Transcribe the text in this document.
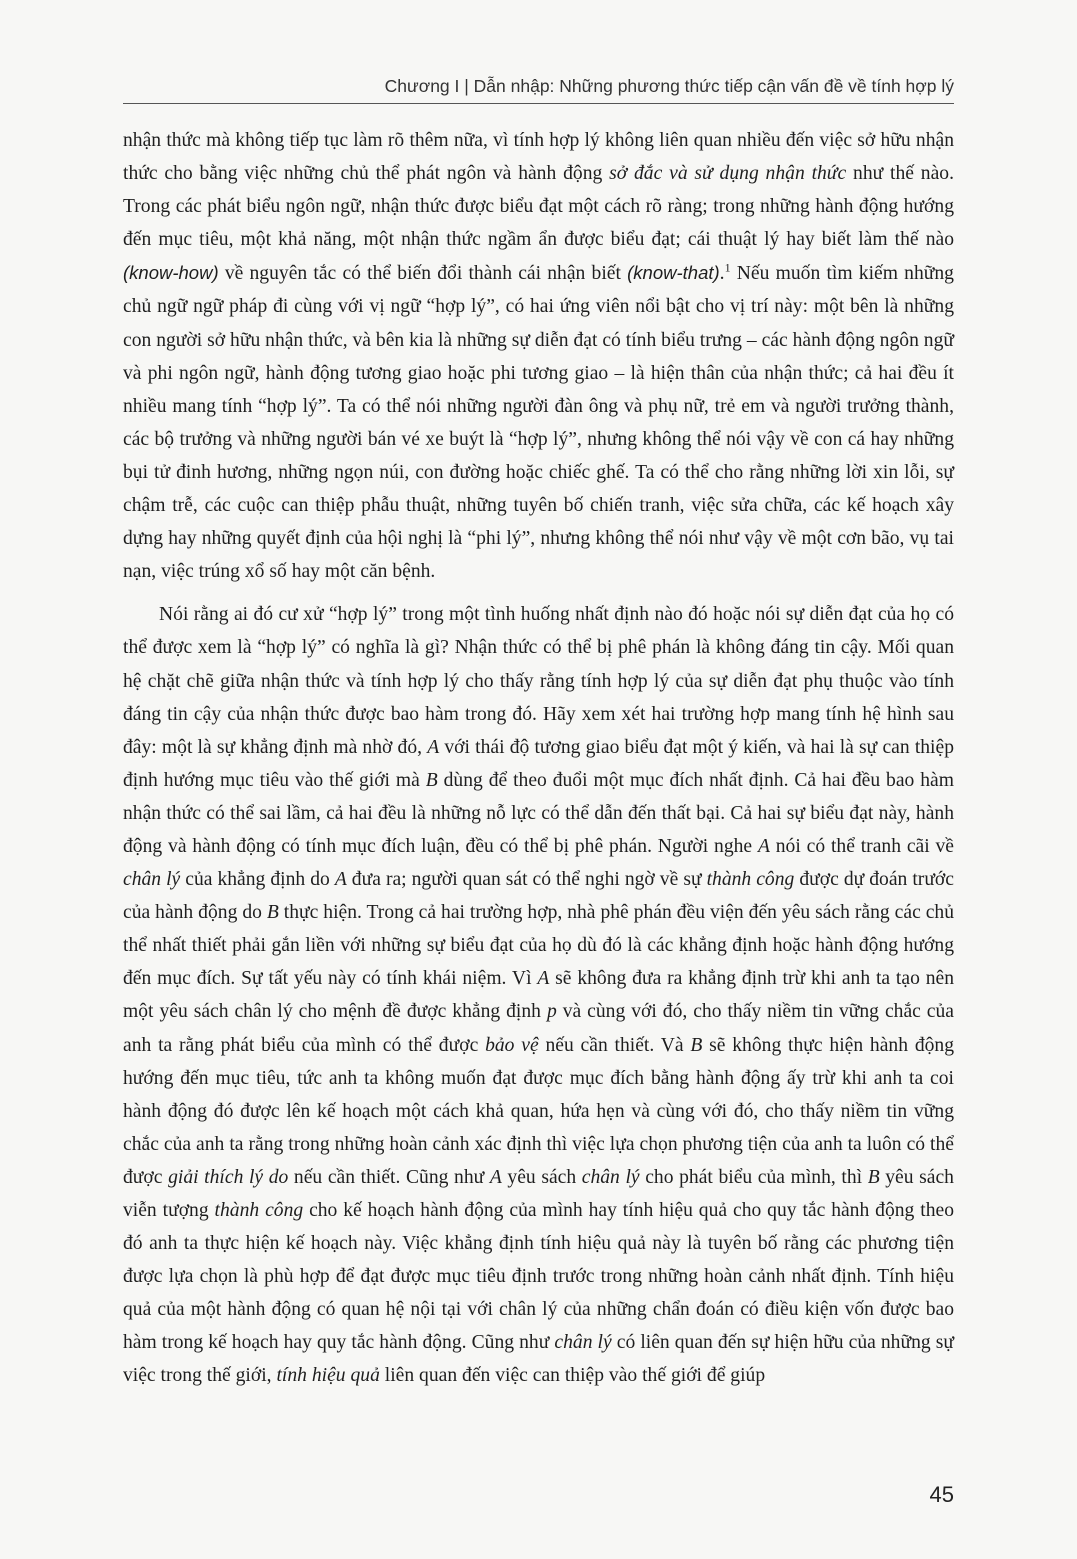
Chương I | Dẫn nhập: Những phương thức tiếp cận vấn đề về tính hợp lý

nhận thức mà không tiếp tục làm rõ thêm nữa, vì tính hợp lý không liên quan nhiều đến việc sở hữu nhận thức cho bằng việc những chủ thể phát ngôn và hành động sở đắc và sử dụng nhận thức như thế nào. Trong các phát biểu ngôn ngữ, nhận thức được biểu đạt một cách rõ ràng; trong những hành động hướng đến mục tiêu, một khả năng, một nhận thức ngầm ẩn được biểu đạt; cái thuật lý hay biết làm thế nào (know-how) về nguyên tắc có thể biến đổi thành cái nhận biết (know-that).$^1$ Nếu muốn tìm kiếm những chủ ngữ ngữ pháp đi cùng với vị ngữ “hợp lý”, có hai ứng viên nổi bật cho vị trí này: một bên là những con người sở hữu nhận thức, và bên kia là những sự diễn đạt có tính biểu trưng – các hành động ngôn ngữ và phi ngôn ngữ, hành động tương giao hoặc phi tương giao – là hiện thân của nhận thức; cả hai đều ít nhiều mang tính “hợp lý”. Ta có thể nói những người đàn ông và phụ nữ, trẻ em và người trưởng thành, các bộ trưởng và những người bán vé xe buýt là “hợp lý”, nhưng không thể nói vậy về con cá hay những bụi tử đinh hương, những ngọn núi, con đường hoặc chiếc ghế. Ta có thể cho rằng những lời xin lỗi, sự chậm trễ, các cuộc can thiệp phẫu thuật, những tuyên bố chiến tranh, việc sửa chữa, các kế hoạch xây dựng hay những quyết định của hội nghị là “phi lý”, nhưng không thể nói như vậy về một cơn bão, vụ tai nạn, việc trúng xổ số hay một căn bệnh.

Nói rằng ai đó cư xử “hợp lý” trong một tình huống nhất định nào đó hoặc nói sự diễn đạt của họ có thể được xem là “hợp lý” có nghĩa là gì? Nhận thức có thể bị phê phán là không đáng tin cậy. Mối quan hệ chặt chẽ giữa nhận thức và tính hợp lý cho thấy rằng tính hợp lý của sự diễn đạt phụ thuộc vào tính đáng tin cậy của nhận thức được bao hàm trong đó. Hãy xem xét hai trường hợp mang tính hệ hình sau đây: một là sự khẳng định mà nhờ đó, A với thái độ tương giao biểu đạt một ý kiến, và hai là sự can thiệp định hướng mục tiêu vào thế giới mà B dùng để theo đuổi một mục đích nhất định. Cả hai đều bao hàm nhận thức có thể sai lầm, cả hai đều là những nỗ lực có thể dẫn đến thất bại. Cả hai sự biểu đạt này, hành động và hành động có tính mục đích luận, đều có thể bị phê phán. Người nghe A nói có thể tranh cãi về chân lý của khẳng định do A đưa ra; người quan sát có thể nghi ngờ về sự thành công được dự đoán trước của hành động do B thực hiện. Trong cả hai trường hợp, nhà phê phán đều viện đến yêu sách rằng các chủ thể nhất thiết phải gắn liền với những sự biểu đạt của họ dù đó là các khẳng định hoặc hành động hướng đến mục đích. Sự tất yếu này có tính khái niệm. Vì A sẽ không đưa ra khẳng định trừ khi anh ta tạo nên một yêu sách chân lý cho mệnh đề được khẳng định p và cùng với đó, cho thấy niềm tin vững chắc của anh ta rằng phát biểu của mình có thể được bảo vệ nếu cần thiết. Và B sẽ không thực hiện hành động hướng đến mục tiêu, tức anh ta không muốn đạt được mục đích bằng hành động ấy trừ khi anh ta coi hành động đó được lên kế hoạch một cách khả quan, hứa hẹn và cùng với đó, cho thấy niềm tin vững chắc của anh ta rằng trong những hoàn cảnh xác định thì việc lựa chọn phương tiện của anh ta luôn có thể được giải thích lý do nếu cần thiết. Cũng như A yêu sách chân lý cho phát biểu của mình, thì B yêu sách viễn tượng thành công cho kế hoạch hành động của mình hay tính hiệu quả cho quy tắc hành động theo đó anh ta thực hiện kế hoạch này. Việc khẳng định tính hiệu quả này là tuyên bố rằng các phương tiện được lựa chọn là phù hợp để đạt được mục tiêu định trước trong những hoàn cảnh nhất định. Tính hiệu quả của một hành động có quan hệ nội tại với chân lý của những chẩn đoán có điều kiện vốn được bao hàm trong kế hoạch hay quy tắc hành động. Cũng như chân lý có liên quan đến sự hiện hữu của những sự việc trong thế giới, tính hiệu quả liên quan đến việc can thiệp vào thế giới để giúp

45
